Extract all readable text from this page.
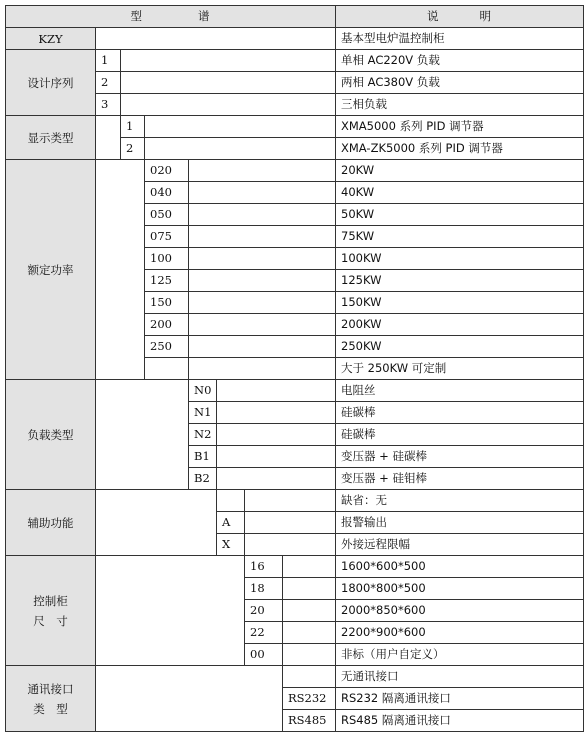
型 谱								说 明
KZY								基本型电炉温控制柜
设计序列	1							单相 AC220V 负载
	2							两相 AC380V 负载
	3							三相负载
显示类型		1						XMA5000 系列 PID 调节器
		2						XMA-ZK5000 系列 PID 调节器
额定功率			020					20KW
			040					40KW
			050					50KW
			075					75KW
			100					100KW
			125					125KW
			150					150KW
			200					200KW
			250					250KW
								大于 250KW 可定制
负载类型				N0				电阻丝
				N1				硅碳棒
				N2				硅碳棒
				B1				变压器 + 硅碳棒
				B2				变压器 + 硅钼棒
辅助功能								缺省：无
					A			报警输出
					X			外接远程限幅
控制柜
尺　寸						16		1600*600*500
						18		1800*800*500
						20		2000*850*600
						22		2200*900*600
						00		非标（用户自定义）
通讯接口
类　型								无通讯接口
							RS232	RS232 隔离通讯接口
							RS485	RS485 隔离通讯接口
